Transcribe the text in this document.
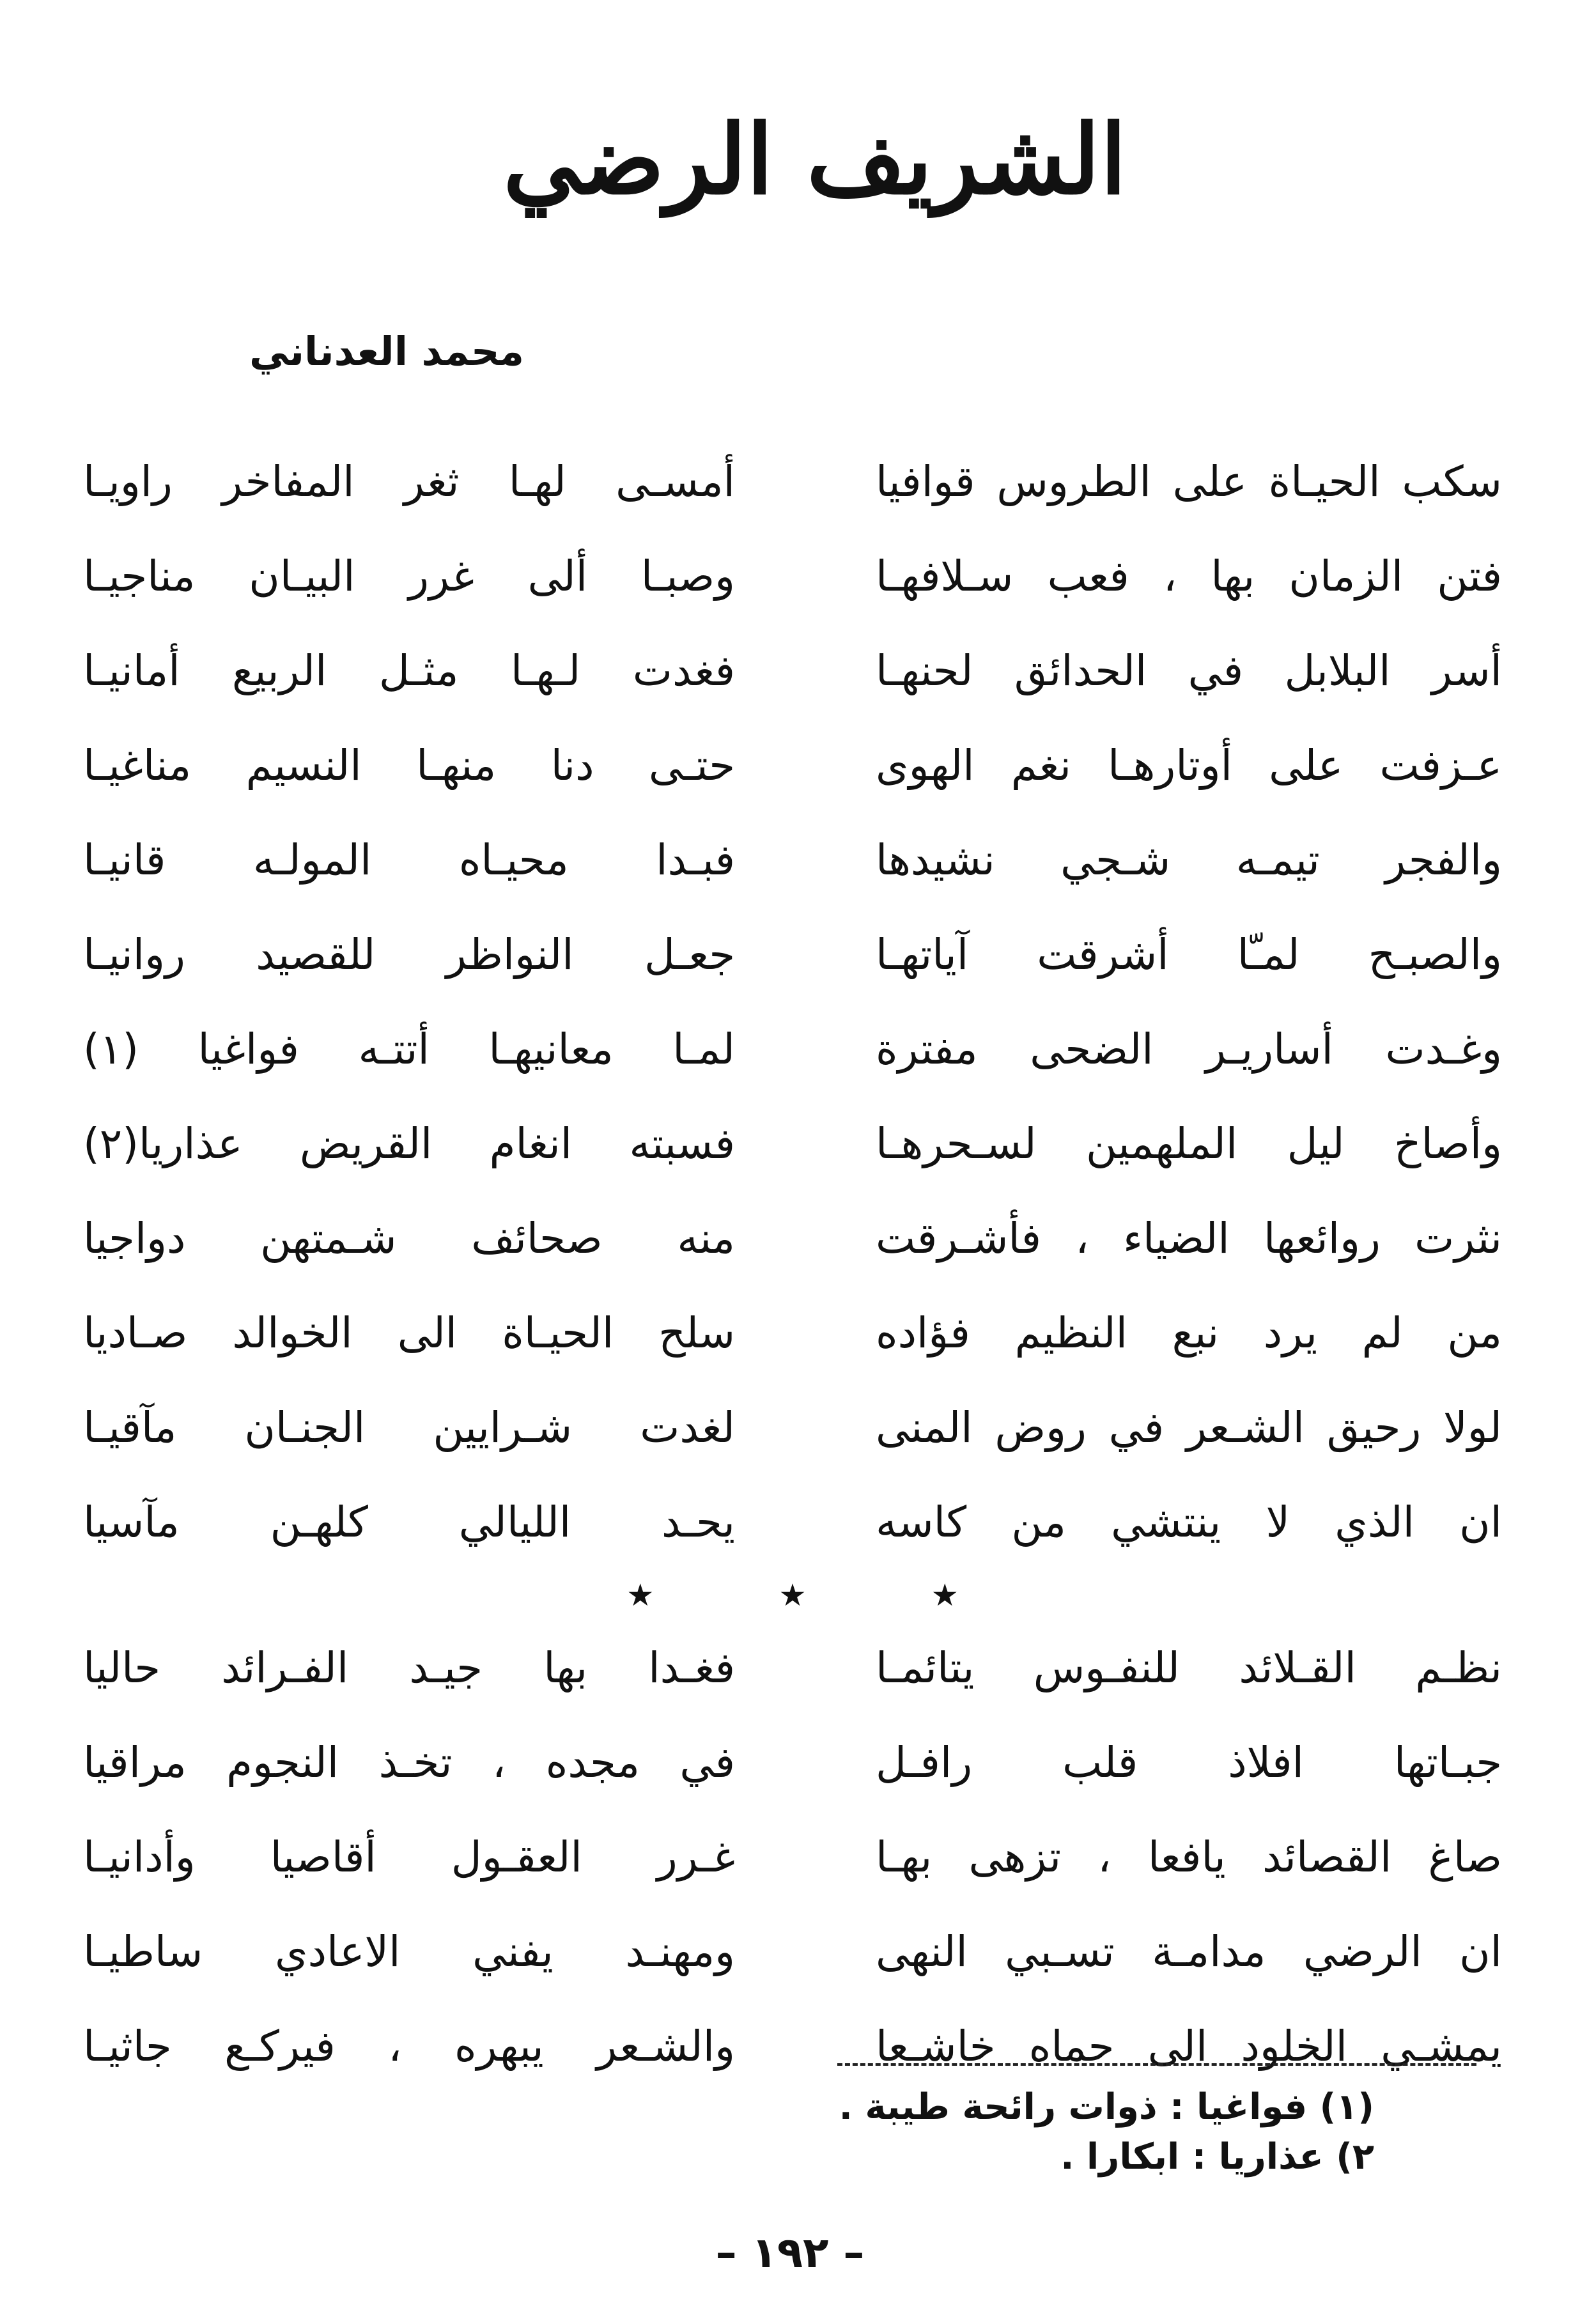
الشريف الرضي
محمد العدناني
سكب الحيـاة على الطروس قوافيا
أمسـى لهـا ثغر المفاخر راويـا
فتن الزمان بها ، فعب سـلافهـا
وصبـا ألى غرر البيـان مناجيـا
أسر البلابل في الحدائق لحنهـا
فغدت لـهـا مثـل الربيع أمانيـا
عـزفت على أوتارهـا نغم الهوى
حتـى دنا منهـا النسيم مناغيـا
والفجر تيمـه شـجي نشيدها
فبـدا محيـاه المولـه قانيـا
والصبـح لمـّا أشرقت آياتهـا
جعـل النواظر للقصيد روانيـا
وغـدت أساريـر الضحى مفترة
لمـا معانيهـا أتتـه فواغيا (١)
وأصاخ ليل الملهمين لسـحرهـا
فسبته انغام القريض عذاريا(٢)
نثرت روائعها الضياء ، فأشـرقت
منه صحائف شـمتهن دواجيا
من لم يرد نبع النظيم فؤاده
سلح الحيـاة الى الخوالد صـاديا
لولا رحيق الشـعر في روض المنى
لغدت شـرايين الجنـان مآقيـا
ان الذي لا ينتشي من كاسه
يحـد الليالي كلهـن مآسيا
★ ★ ★
نظـم القـلائد للنفـوس يتائمـا
فغـدا بها جيـد الفـرائد حاليا
جبـاتها افلاذ قلب رافـل
في مجده ، تخـذ النجوم مراقيا
صاغ القصائد يافعا ، تزهى بهـا
غـرر العقـول أقاصيا وأدانيـا
ان الرضي مدامـة تسـبي النهى
ومهنـد يفني الاعادي ساطيـا
يمشـي الخلود الى حماه خاشـعا
والشـعر يبهره ، فيركـع جاثيـا
(١) فواغيا : ذوات رائحة طيبة .
٢) عذاريا : ابكارا .
– ١٩٢ –
